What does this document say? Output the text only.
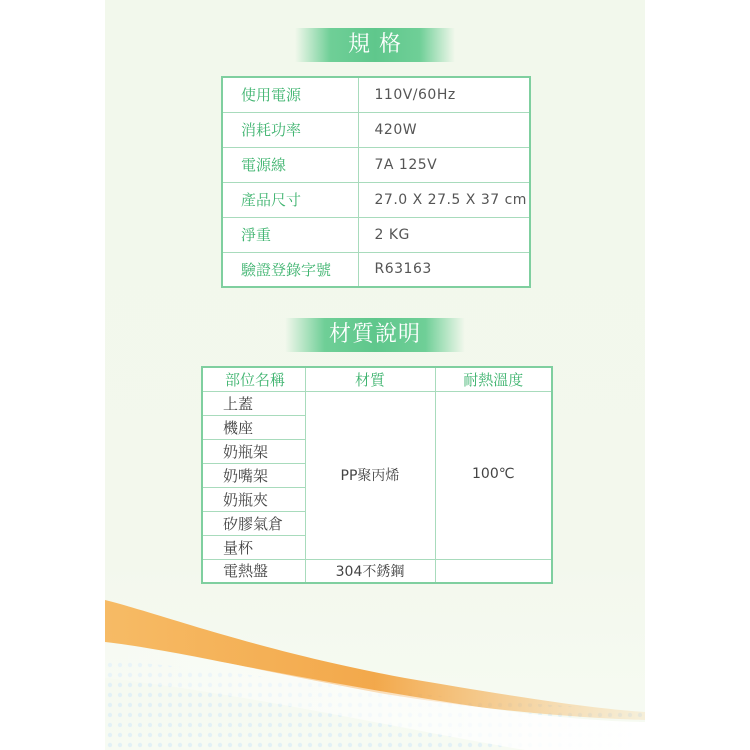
規 格
使用電源	110V/60Hz
消耗功率	420W
電源線	7A 125V
產品尺寸	27.0 X 27.5 X 37 cm
淨重	2 KG
驗證登錄字號	R63163
材質說明
部位名稱	材質	耐熱溫度
上蓋	PP聚丙烯	100℃
機座		
奶瓶架		
奶嘴架		
奶瓶夾		
矽膠氣倉		
量杯		
電熱盤	304不銹鋼	
